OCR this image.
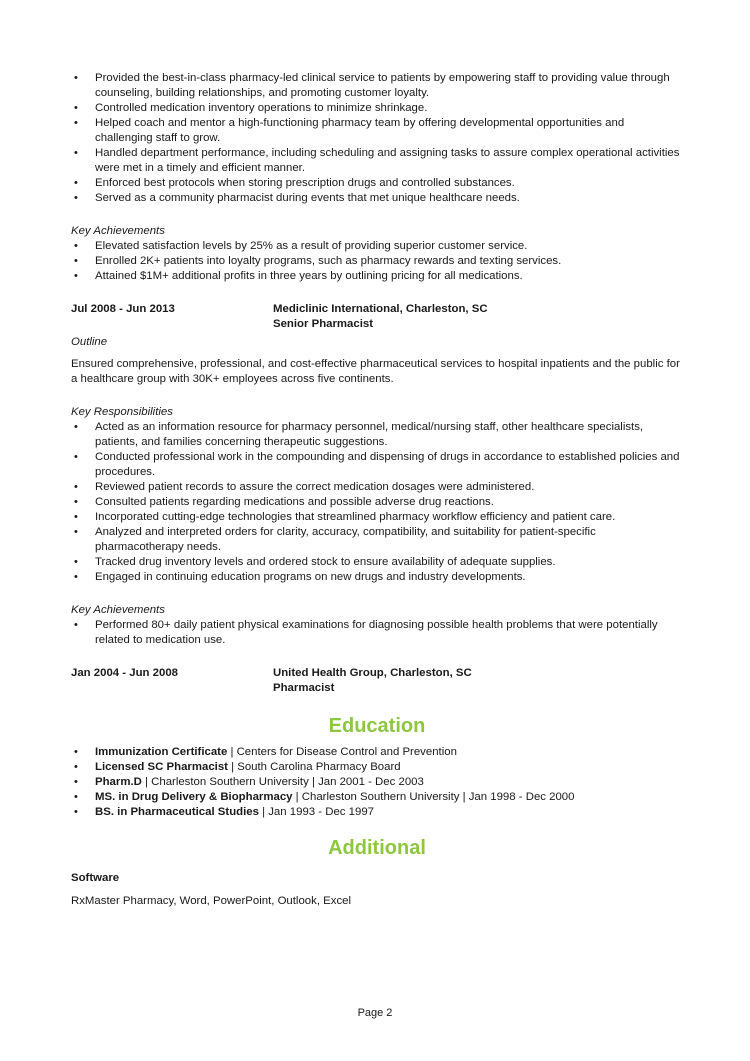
• Provided the best-in-class pharmacy-led clinical service to patients by empowering staff to providing value through counseling, building relationships, and promoting customer loyalty.
• Controlled medication inventory operations to minimize shrinkage.
• Helped coach and mentor a high-functioning pharmacy team by offering developmental opportunities and challenging staff to grow.
• Handled department performance, including scheduling and assigning tasks to assure complex operational activities were met in a timely and efficient manner.
• Enforced best protocols when storing prescription drugs and controlled substances.
• Served as a community pharmacist during events that met unique healthcare needs.

Key Achievements

• Elevated satisfaction levels by 25% as a result of providing superior customer service.
• Enrolled 2K+ patients into loyalty programs, such as pharmacy rewards and texting services.
• Attained $1M+ additional profits in three years by outlining pricing for all medications.
Jul 2008 - Jun 2013	Mediclinic International, Charleston, SC
Senior Pharmacist

Outline

Ensured comprehensive, professional, and cost-effective pharmaceutical services to hospital inpatients and the public for a healthcare group with 30K+ employees across five continents.

Key Responsibilities

• Acted as an information resource for pharmacy personnel, medical/nursing staff, other healthcare specialists, patients, and families concerning therapeutic suggestions.
• Conducted professional work in the compounding and dispensing of drugs in accordance to established policies and procedures.
• Reviewed patient records to assure the correct medication dosages were administered.
• Consulted patients regarding medications and possible adverse drug reactions.
• Incorporated cutting-edge technologies that streamlined pharmacy workflow efficiency and patient care.
• Analyzed and interpreted orders for clarity, accuracy, compatibility, and suitability for patient-specific pharmacotherapy needs.
• Tracked drug inventory levels and ordered stock to ensure availability of adequate supplies.
• Engaged in continuing education programs on new drugs and industry developments.

Key Achievements

• Performed 80+ daily patient physical examinations for diagnosing possible health problems that were potentially related to medication use.
Jan 2004 - Jun 2008	United Health Group, Charleston, SC
Pharmacist
Education
• Immunization Certificate | Centers for Disease Control and Prevention
• Licensed SC Pharmacist | South Carolina Pharmacy Board
• Pharm.D | Charleston Southern University | Jan 2001 - Dec 2003
• MS. in Drug Delivery & Biopharmacy | Charleston Southern University | Jan 1998 - Dec 2000
• BS. in Pharmaceutical Studies | Jan 1993 - Dec 1997
Additional

Software

RxMaster Pharmacy, Word, PowerPoint, Outlook, Excel

Page 2
